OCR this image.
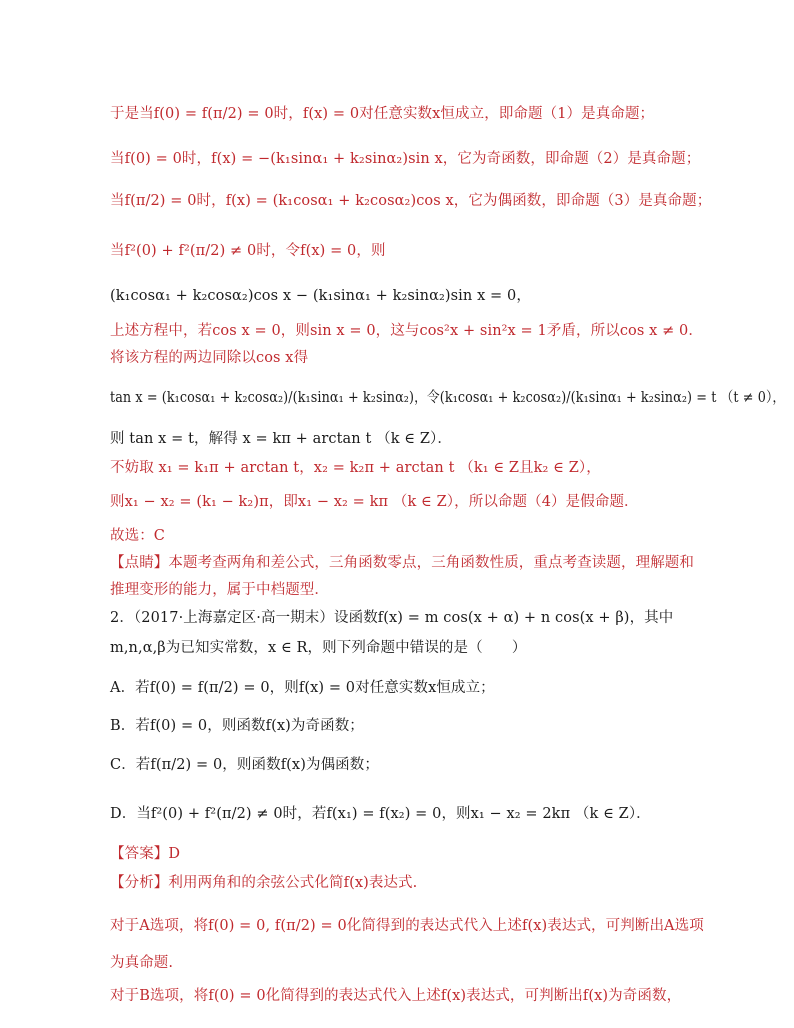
于是当f(0) = f(π/2) = 0时，f(x) = 0对任意实数x恒成立，即命题（1）是真命题；
当f(0) = 0时，f(x) = −(k₁sinα₁ + k₂sinα₂)sin x，它为奇函数，即命题（2）是真命题；
当f(π/2) = 0时，f(x) = (k₁cosα₁ + k₂cosα₂)cos x，它为偶函数，即命题（3）是真命题；
当f²(0) + f²(π/2) ≠ 0时，令f(x) = 0，则
(k₁cosα₁ + k₂cosα₂)cos x − (k₁sinα₁ + k₂sinα₂)sin x = 0，
上述方程中，若cos x = 0，则sin x = 0，这与cos²x + sin²x = 1矛盾，所以cos x ≠ 0．
将该方程的两边同除以cos x得
tan x = (k₁cosα₁ + k₂cosα₂)/(k₁sinα₁ + k₂sinα₂)，令(k₁cosα₁ + k₂cosα₂)/(k₁sinα₁ + k₂sinα₂) = t （t ≠ 0），
则 tan x = t，解得 x = kπ + arctan t （k ∈ Z）．
不妨取 x₁ = k₁π + arctan t，x₂ = k₂π + arctan t （k₁ ∈ Z且k₂ ∈ Z），
则x₁ − x₂ = (k₁ − k₂)π，即x₁ − x₂ = kπ （k ∈ Z），所以命题（4）是假命题．
故选：C
【点睛】本题考查两角和差公式，三角函数零点，三角函数性质，重点考查读题，理解题和
推理变形的能力，属于中档题型．
2．（2017·上海嘉定区·高一期末）设函数f(x) = m cos(x + α) + n cos(x + β)，其中
m,n,α,β为已知实常数，x ∈ R，则下列命题中错误的是（　　）
A．若f(0) = f(π/2) = 0，则f(x) = 0对任意实数x恒成立；
B．若f(0) = 0，则函数f(x)为奇函数；
C．若f(π/2) = 0，则函数f(x)为偶函数；
D．当f²(0) + f²(π/2) ≠ 0时，若f(x₁) = f(x₂) = 0，则x₁ − x₂ = 2kπ （k ∈ Z）．
【答案】D
【分析】利用两角和的余弦公式化简f(x)表达式.
对于A选项，将f(0) = 0, f(π/2) = 0化简得到的表达式代入上述f(x)表达式，可判断出A选项
为真命题.
对于B选项，将f(0) = 0化简得到的表达式代入上述f(x)表达式，可判断出f(x)为奇函数，
